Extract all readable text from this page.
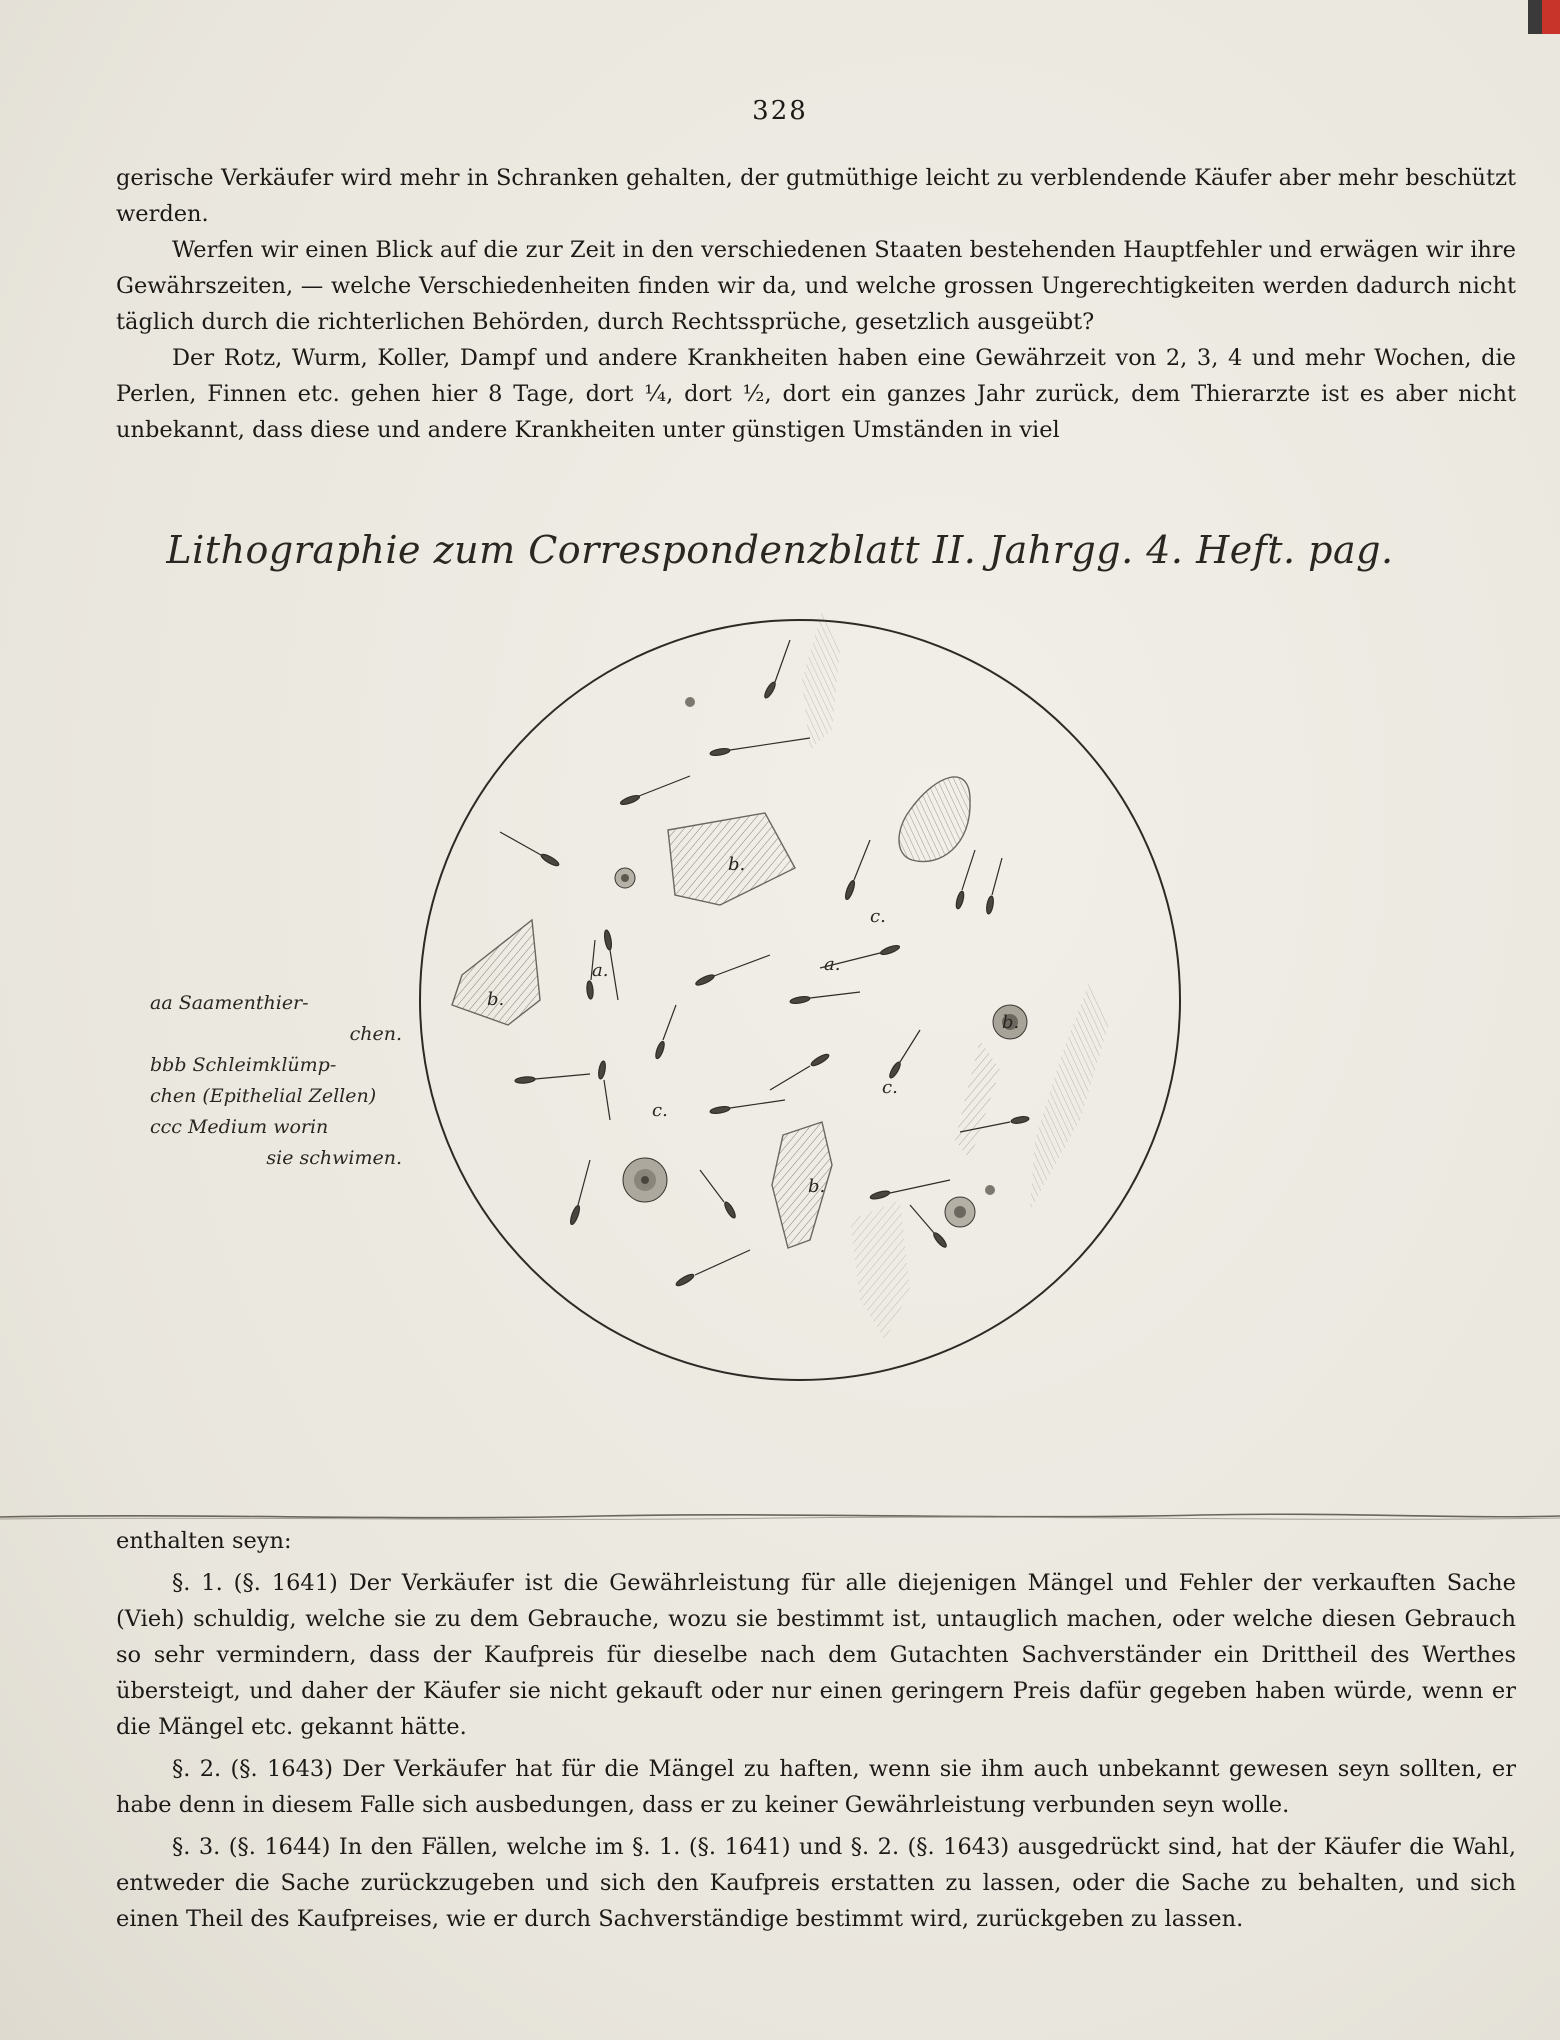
328

gerische Verkäufer wird mehr in Schranken gehalten, der gutmüthige leicht zu verblendende Käufer aber mehr beschützt werden.

Werfen wir einen Blick auf die zur Zeit in den verschiedenen Staaten bestehenden Hauptfehler und erwägen wir ihre Gewährszeiten, — welche Verschiedenheiten finden wir da, und welche grossen Ungerechtigkeiten werden dadurch nicht täglich durch die richterlichen Behörden, durch Rechtssprüche, gesetzlich ausgeübt?

Der Rotz, Wurm, Koller, Dampf und andere Krankheiten haben eine Gewährzeit von 2, 3, 4 und mehr Wochen, die Perlen, Finnen etc. gehen hier 8 Tage, dort ¼, dort ½, dort ein ganzes Jahr zurück, dem Thierarzte ist es aber nicht unbekannt, dass diese und andere Krankheiten unter günstigen Umständen in viel

Lithographie zum Correspondenzblatt II. Jahrgg. 4. Heft. pag.
b.
b.
b.
b.
a.	a.
c.
c.
c.
aa Saamenthier-
chen.
bbb Schleimklümp-
chen (Epithelial Zellen)
ccc Medium worin
sie schwimen.

enthalten seyn:

§. 1. (§. 1641) Der Verkäufer ist die Gewährleistung für alle diejenigen Mängel und Fehler der verkauften Sache (Vieh) schuldig, welche sie zu dem Gebrauche, wozu sie bestimmt ist, untauglich machen, oder welche diesen Gebrauch so sehr vermindern, dass der Kaufpreis für dieselbe nach dem Gutachten Sachverständer ein Drittheil des Werthes übersteigt, und daher der Käufer sie nicht gekauft oder nur einen geringern Preis dafür gegeben haben würde, wenn er die Mängel etc. gekannt hätte.

§. 2. (§. 1643) Der Verkäufer hat für die Mängel zu haften, wenn sie ihm auch unbekannt gewesen seyn sollten, er habe denn in diesem Falle sich ausbedungen, dass er zu keiner Gewährleistung verbunden seyn wolle.

§. 3. (§. 1644) In den Fällen, welche im §. 1. (§. 1641) und §. 2. (§. 1643) ausgedrückt sind, hat der Käufer die Wahl, entweder die Sache zurückzugeben und sich den Kaufpreis erstatten zu lassen, oder die Sache zu behalten, und sich einen Theil des Kaufpreises, wie er durch Sachverständige bestimmt wird, zurückgeben zu lassen.
